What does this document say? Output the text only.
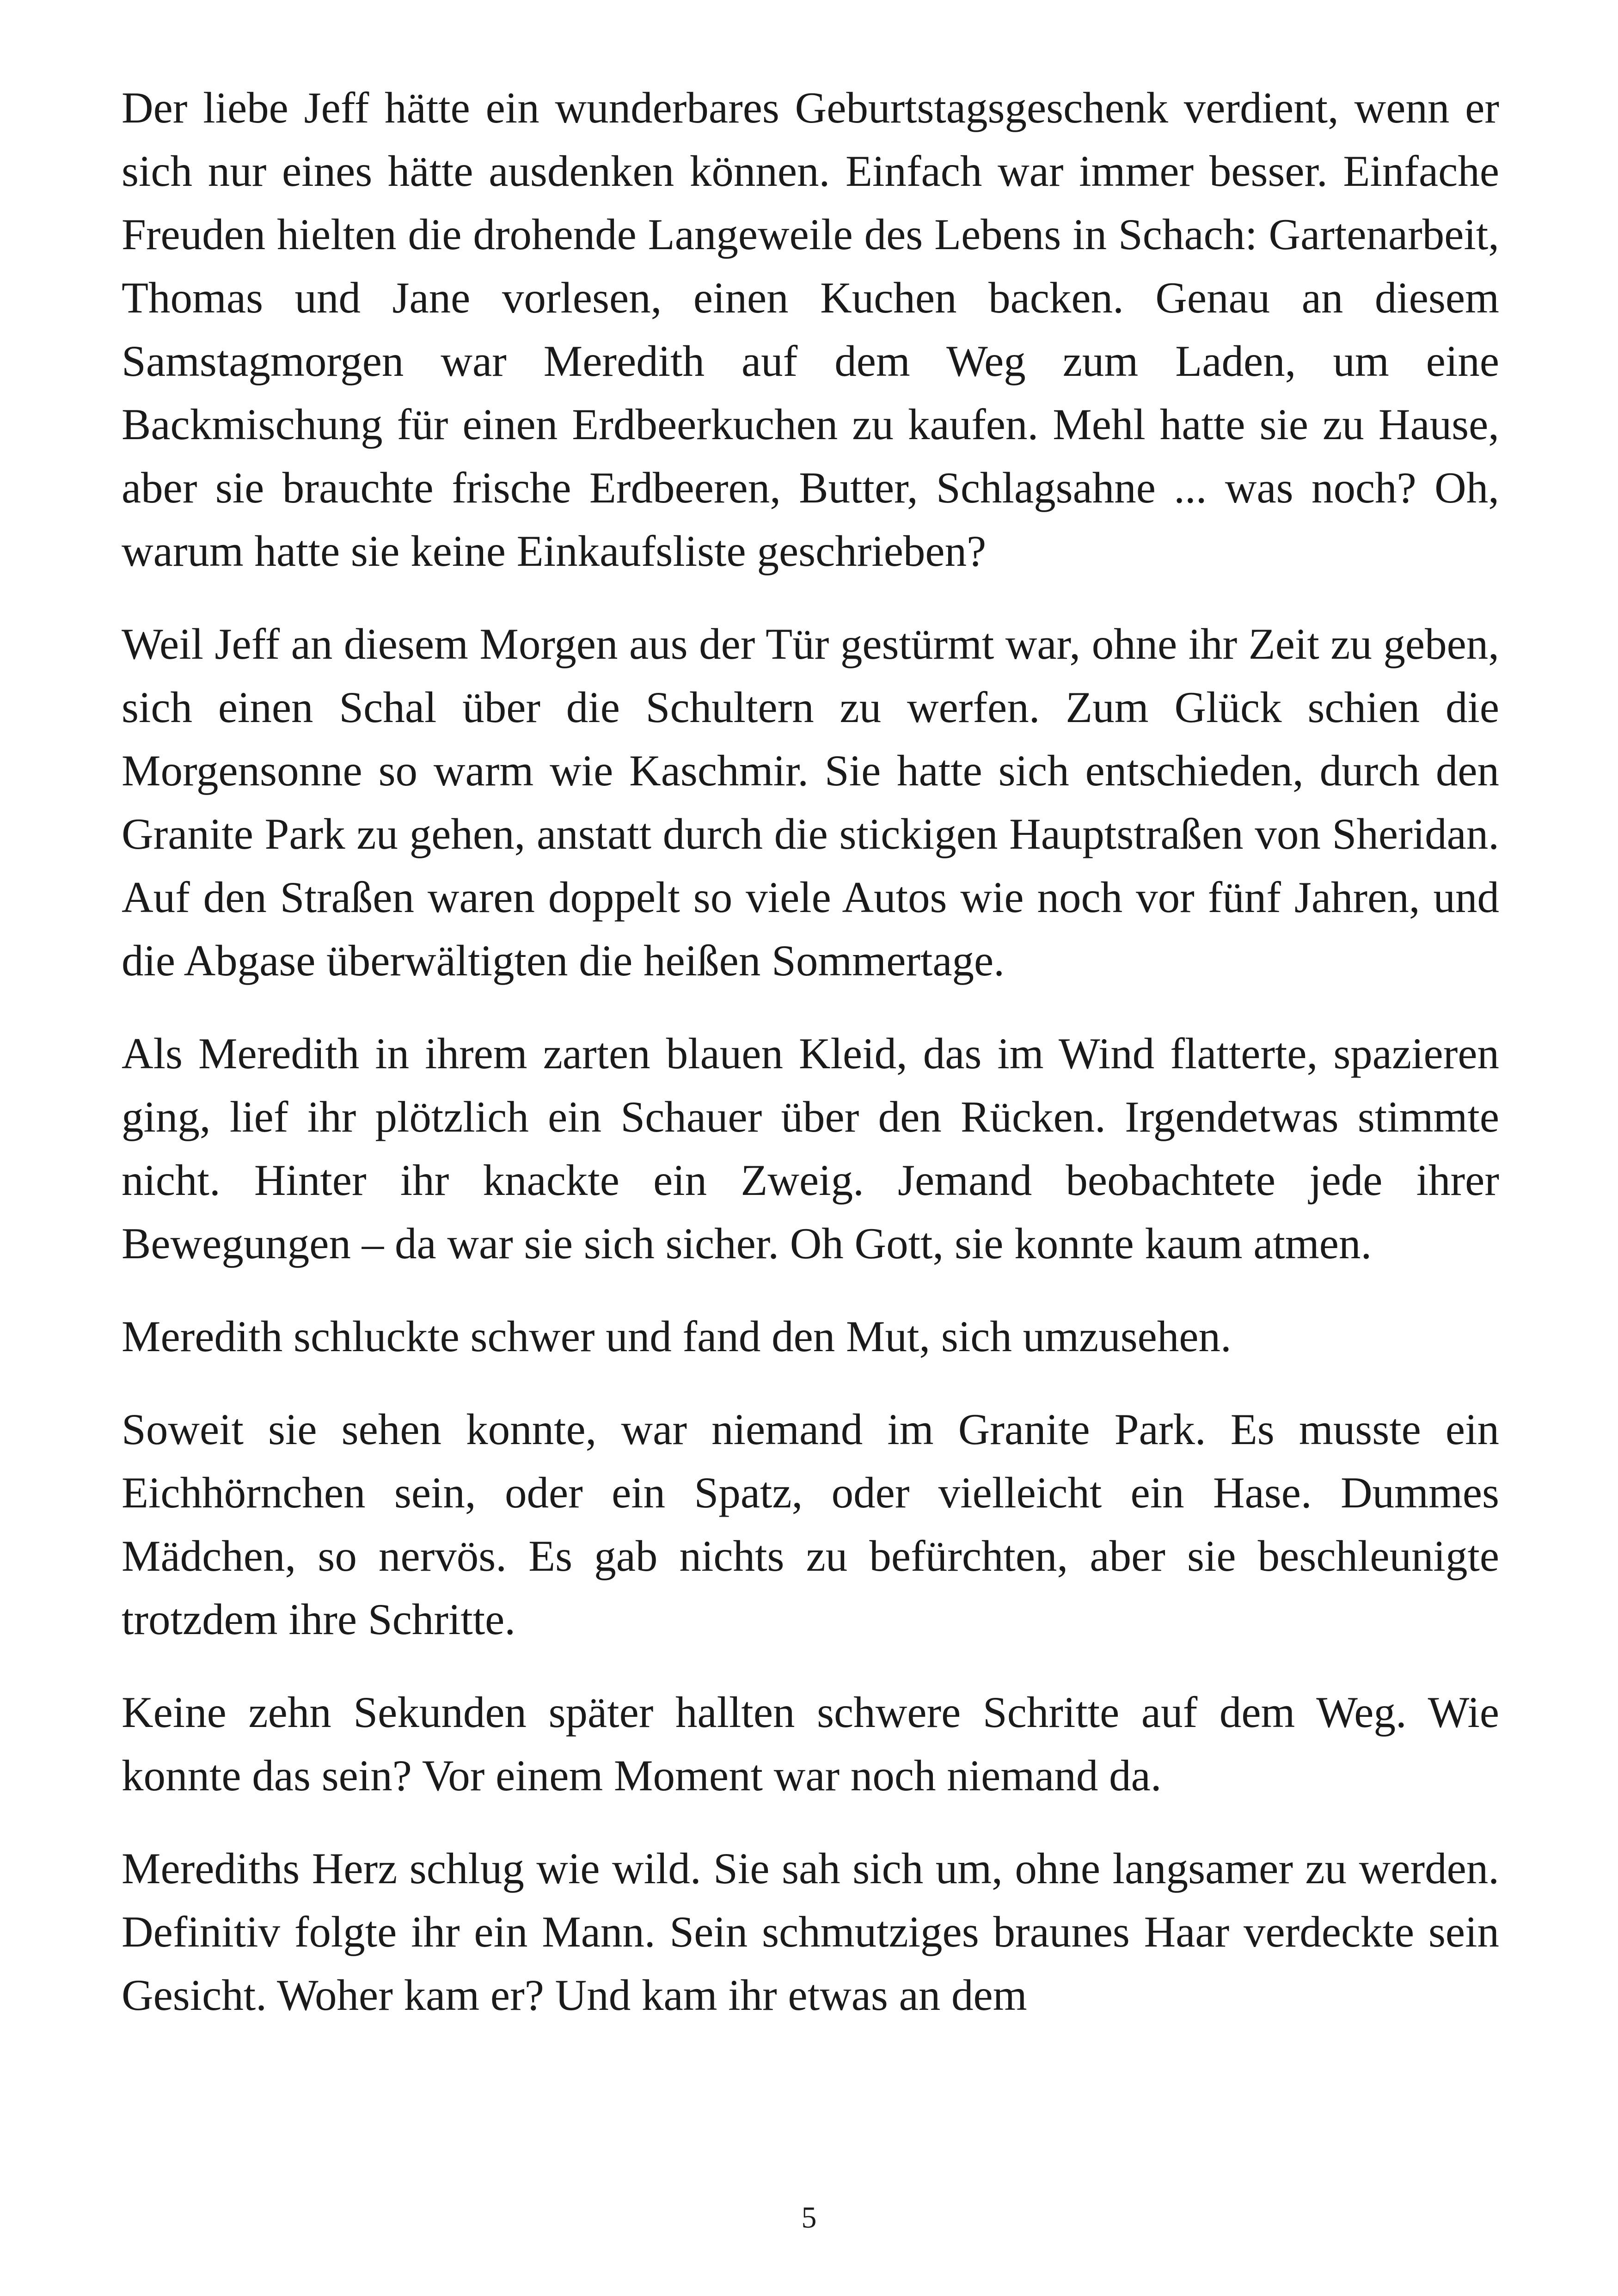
Der liebe Jeff hätte ein wunderbares Geburtstagsgeschenk verdient, wenn er sich nur eines hätte ausdenken können. Einfach war immer besser. Einfache Freuden hielten die drohende Langeweile des Lebens in Schach: Gartenarbeit, Thomas und Jane vorlesen, einen Kuchen backen. Genau an diesem Samstagmorgen war Meredith auf dem Weg zum Laden, um eine Backmischung für einen Erdbeerkuchen zu kaufen. Mehl hatte sie zu Hause, aber sie brauchte frische Erdbeeren, Butter, Schlagsahne ... was noch? Oh, warum hatte sie keine Einkaufsliste geschrieben?

Weil Jeff an diesem Morgen aus der Tür gestürmt war, ohne ihr Zeit zu geben, sich einen Schal über die Schultern zu werfen. Zum Glück schien die Morgensonne so warm wie Kaschmir. Sie hatte sich entschieden, durch den Granite Park zu gehen, anstatt durch die stickigen Hauptstraßen von Sheridan. Auf den Straßen waren doppelt so viele Autos wie noch vor fünf Jahren, und die Abgase überwältigten die heißen Sommertage.

Als Meredith in ihrem zarten blauen Kleid, das im Wind flatterte, spazieren ging, lief ihr plötzlich ein Schauer über den Rücken. Irgendetwas stimmte nicht. Hinter ihr knackte ein Zweig. Jemand beobachtete jede ihrer Bewegungen – da war sie sich sicher. Oh Gott, sie konnte kaum atmen.

Meredith schluckte schwer und fand den Mut, sich umzusehen.

Soweit sie sehen konnte, war niemand im Granite Park. Es musste ein Eichhörnchen sein, oder ein Spatz, oder vielleicht ein Hase. Dummes Mädchen, so nervös. Es gab nichts zu befürchten, aber sie beschleunigte trotzdem ihre Schritte.

Keine zehn Sekunden später hallten schwere Schritte auf dem Weg. Wie konnte das sein? Vor einem Moment war noch niemand da.

Merediths Herz schlug wie wild. Sie sah sich um, ohne langsamer zu werden. Definitiv folgte ihr ein Mann. Sein schmutziges braunes Haar verdeckte sein Gesicht. Woher kam er? Und kam ihr etwas an dem

5
